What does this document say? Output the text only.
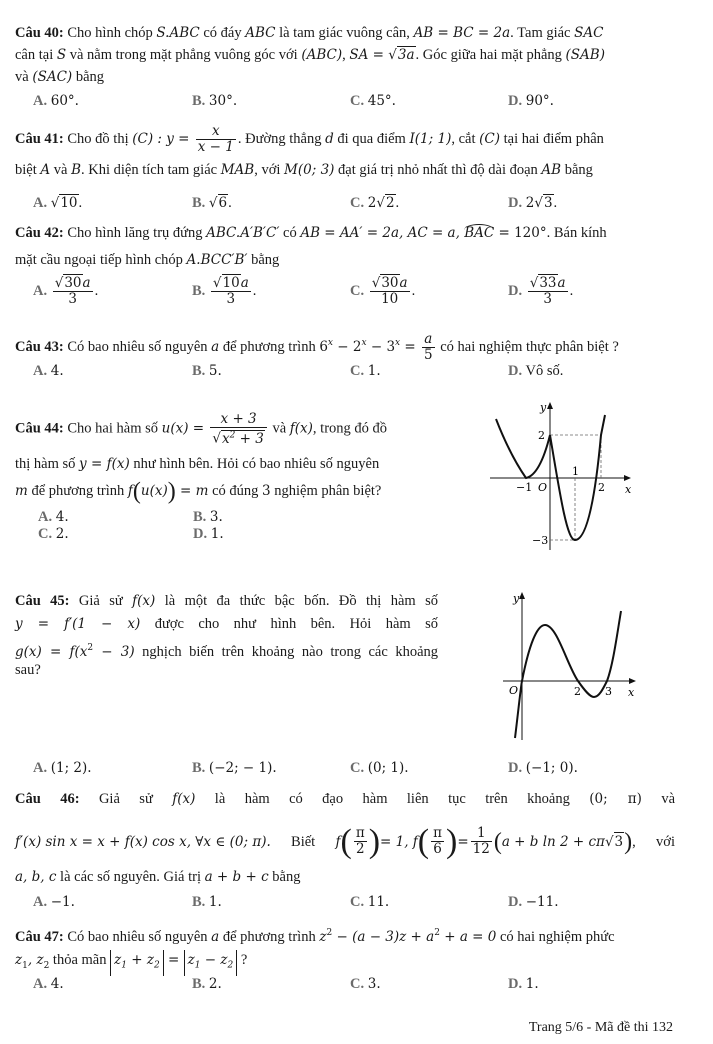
Câu 40: Cho hình chóp S.ABC có đáy ABC là tam giác vuông cân, AB = BC = 2a. Tam giác SAC
cân tại S và nằm trong mặt phẳng vuông góc với (ABC), SA = √3a. Góc giữa hai mặt phẳng (SAB)
và (SAC) bằng
A. 60°.	B. 30°.	C. 45°.	D. 90°.
Câu 41: Cho đồ thị (C) : $y = \frac{x}{x - 1}$ . Đường thẳng d đi qua điểm I(1; 1), cắt (C) tại hai điểm phân
biệt A và B. Khi diện tích tam giác MAB, với M(0; 3) đạt giá trị nhỏ nhất thì độ dài đoạn AB bằng
A. √10.	B. √6.	C. 2√2.	D. 2√3.
Câu 42: Cho hình lăng trụ đứng ABC.A′B′C′ có AB = AA′ = 2a, AC = a, BAC = 120°. Bán kính
mặt cầu ngoại tiếp hình chóp A.BCC′B′ bằng
A. $\frac{√30a}{3}$ .	B. $\frac{√10a}{3}$ .	C. $\frac{√30a}{10}$ .	D. $\frac{√33a}{3}$ .
Câu 43: Có bao nhiêu số nguyên a để phương trình $6^x - 2^x - 3^x = \frac{a}{5}$ có hai nghiệm thực phân biệt ?
A. 4.	B. 5.	C. 1.	D. Vô số.
Câu 44: Cho hai hàm số $u(x) = \frac{x + 3}{√x^2 + 3}$ và f(x), trong đó đồ
thị hàm số y = f(x) như hình bên. Hỏi có bao nhiêu số nguyên
m để phương trình f(u(x)) = m có đúng 3 nghiệm phân biệt?
A. 4.	B. 3.
C. 2.	D. 1.
y
x
O
−1
1
2
2
−3
Câu 45: Giả sử f(x) là một đa thức bậc bốn. Đồ thị hàm số
y = f′(1 − x) được cho như hình bên. Hỏi hàm số
$g(x) = f(x^2 - 3)$ nghịch biến trên khoảng nào trong các khoảng
sau?
A. (1; 2).	B. (−2; − 1).	C. (0; 1).	D. (−1; 0).
y
x
O	2 3
Câu 46: Giả sử f(x) là hàm có đạo hàm liên tục trên khoảng (0; π) và
f′(x) sin x = x + f(x) cos x, ∀x ∈ (0; π). Biết f ( $\frac{\pi}{2}$ ) = 1, f ( $\frac{\pi}{6}$ ) = $\frac{1}{12}$ ( a + b ln 2 + cπ √ 3 ) , với
a, b, c là các số nguyên. Giá trị a + b + c bằng
A. −1.	B. 1.	C. 11.	D. −11.
Câu 47: Có bao nhiêu số nguyên a để phương trình $z^2 - (a - 3)z + a^2 + a = 0$ có hai nghiệm phức
$z_1$, $z_2$ thỏa mãn $z_1 + z_2 = z_1 - z_2$ ?
A. 4.	B. 2.	C. 3.	D. 1.
Trang 5/6 - Mã đề thi 132
